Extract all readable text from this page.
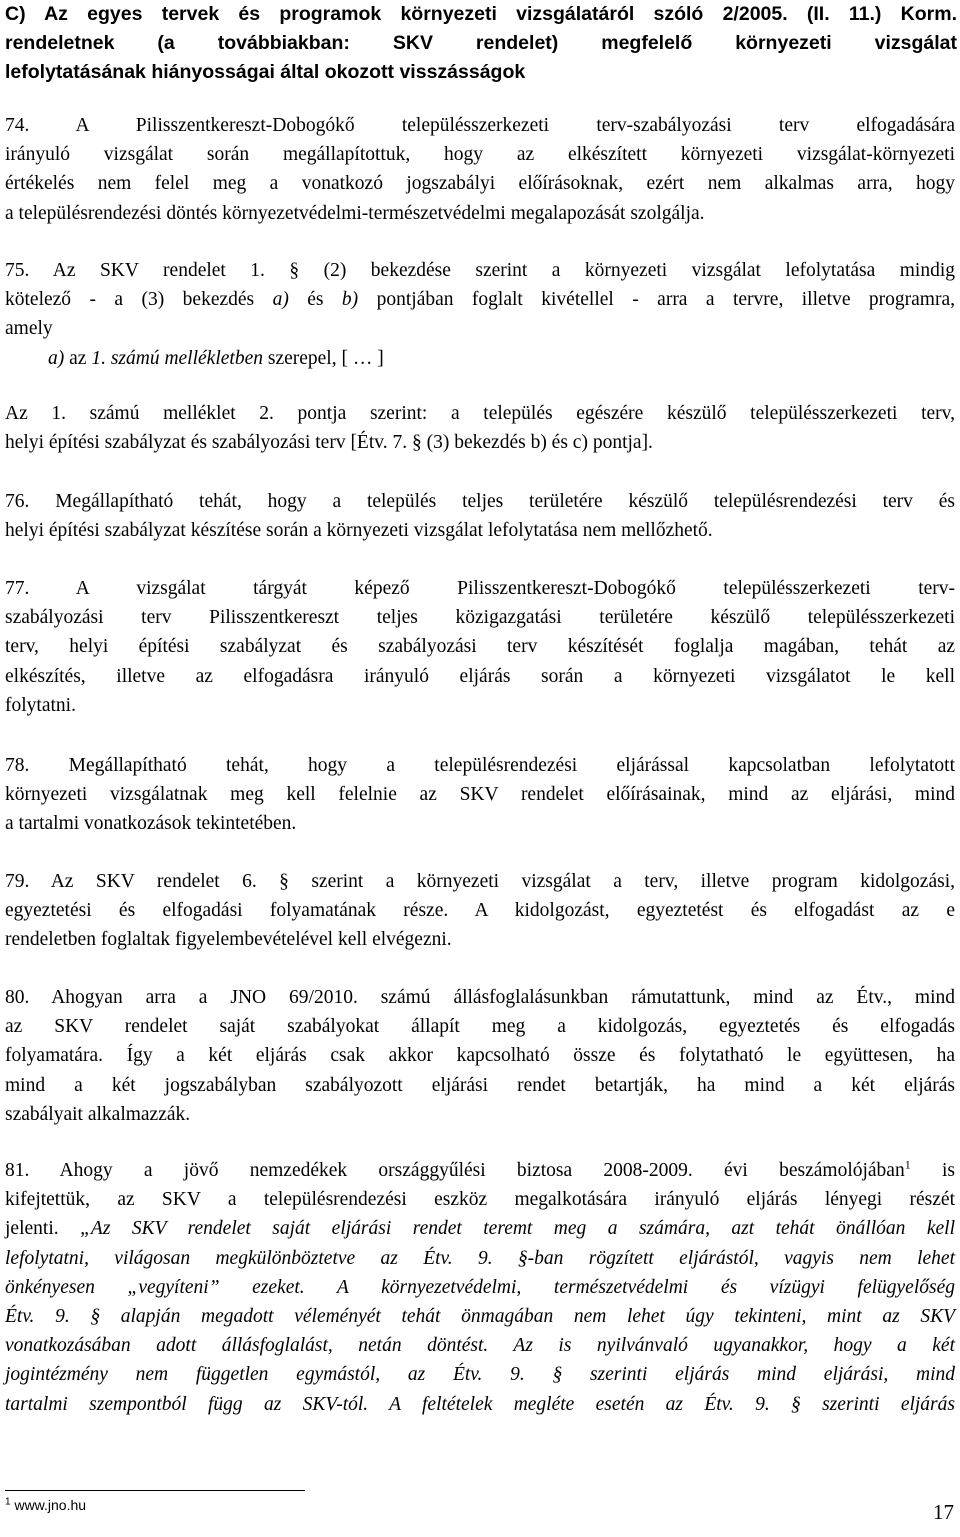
C) Az egyes tervek és programok környezeti vizsgálatáról szóló 2/2005. (II. 11.) Korm.
rendeletnek (a továbbiakban: SKV rendelet) megfelelő környezeti vizsgálat
lefolytatásának hiányosságai által okozott visszásságok
74. A Pilisszentkereszt-Dobogókő településszerkezeti terv-szabályozási terv elfogadására
irányuló vizsgálat során megállapítottuk, hogy az elkészített környezeti vizsgálat-környezeti
értékelés nem felel meg a vonatkozó jogszabályi előírásoknak, ezért nem alkalmas arra, hogy
a településrendezési döntés környezetvédelmi-természetvédelmi megalapozását szolgálja.
75. Az SKV rendelet 1. § (2) bekezdése szerint a környezeti vizsgálat lefolytatása mindig
kötelező - a (3) bekezdés a) és b) pontjában foglalt kivétellel - arra a tervre, illetve programra,
amely
a) az 1. számú mellékletben szerepel, [ … ]
Az 1. számú melléklet 2. pontja szerint: a település egészére készülő településszerkezeti terv,
helyi építési szabályzat és szabályozási terv [Étv. 7. § (3) bekezdés b) és c) pontja].
76. Megállapítható tehát, hogy a település teljes területére készülő településrendezési terv és
helyi építési szabályzat készítése során a környezeti vizsgálat lefolytatása nem mellőzhető.
77. A vizsgálat tárgyát képező Pilisszentkereszt-Dobogókő településszerkezeti terv-
szabályozási terv Pilisszentkereszt teljes közigazgatási területére készülő településszerkezeti
terv, helyi építési szabályzat és szabályozási terv készítését foglalja magában, tehát az
elkészítés, illetve az elfogadásra irányuló eljárás során a környezeti vizsgálatot le kell
folytatni.
78. Megállapítható tehát, hogy a településrendezési eljárással kapcsolatban lefolytatott
környezeti vizsgálatnak meg kell felelnie az SKV rendelet előírásainak, mind az eljárási, mind
a tartalmi vonatkozások tekintetében.
79. Az SKV rendelet 6. § szerint a környezeti vizsgálat a terv, illetve program kidolgozási,
egyeztetési és elfogadási folyamatának része. A kidolgozást, egyeztetést és elfogadást az e
rendeletben foglaltak figyelembevételével kell elvégezni.
80. Ahogyan arra a JNO 69/2010. számú állásfoglalásunkban rámutattunk, mind az Étv., mind
az SKV rendelet saját szabályokat állapít meg a kidolgozás, egyeztetés és elfogadás
folyamatára. Így a két eljárás csak akkor kapcsolható össze és folytatható le együttesen, ha
mind a két jogszabályban szabályozott eljárási rendet betartják, ha mind a két eljárás
szabályait alkalmazzák.
81. Ahogy a jövő nemzedékek országgyűlési biztosa 2008-2009. évi beszámolójában$^1$ is
kifejtettük, az SKV a településrendezési eszköz megalkotására irányuló eljárás lényegi részét
jelenti. „Az SKV rendelet saját eljárási rendet teremt meg a számára, azt tehát önállóan kell
lefolytatni, világosan megkülönböztetve az Étv. 9. §-ban rögzített eljárástól, vagyis nem lehet
önkényesen „vegyíteni” ezeket. A környezetvédelmi, természetvédelmi és vízügyi felügyelőség
Étv. 9. § alapján megadott véleményét tehát önmagában nem lehet úgy tekinteni, mint az SKV
vonatkozásában adott állásfoglalást, netán döntést. Az is nyilvánvaló ugyanakkor, hogy a két
jogintézmény nem független egymástól, az Étv. 9. § szerinti eljárás mind eljárási, mind
tartalmi szempontból függ az SKV-tól. A feltételek megléte esetén az Étv. 9. § szerinti eljárás
$^1$ www.jno.hu	17
